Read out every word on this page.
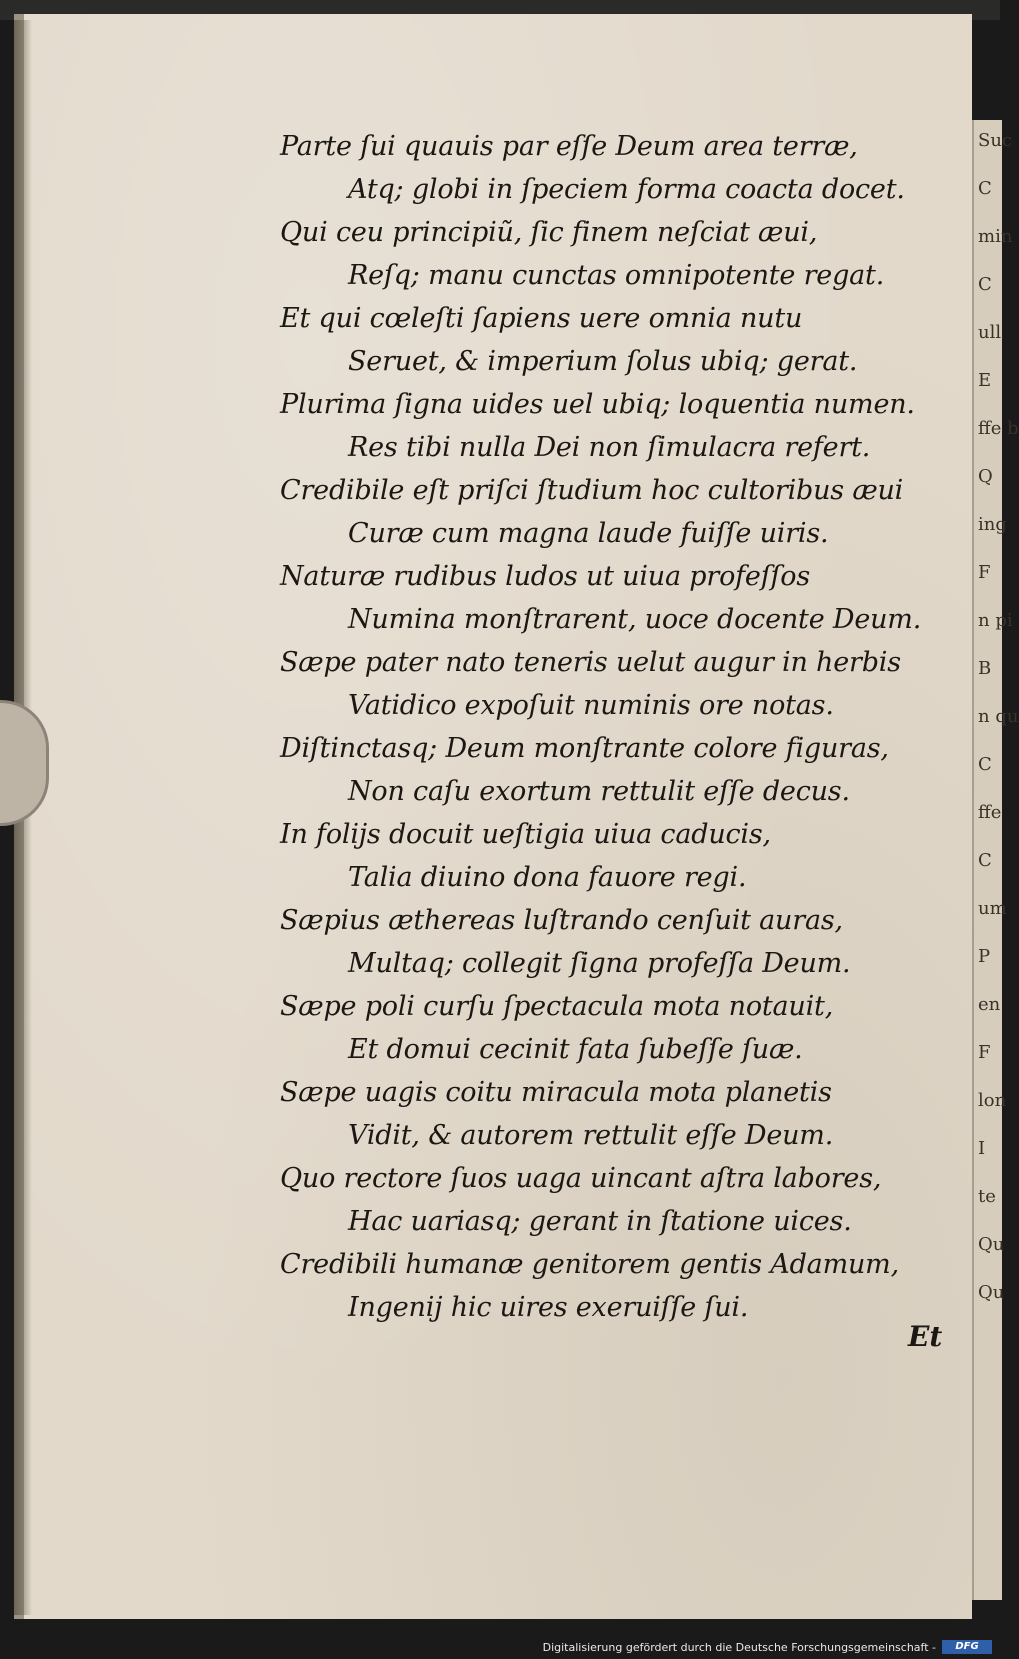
Suc
C
min
C
ull
E
ffe b
Q
ing
F
n pi
B
n qu
C
ffe
C
um
P
en
F
lon
I
te
Qu
Qu
Parte ſui quauis par eſſe Deum area terræ,
Atq; globi in ſpeciem forma coacta docet.
Qui ceu principiũ, ſic finem neſciat æui,
Reſq; manu cunctas omnipotente regat.
Et qui cœleſti ſapiens uere omnia nutu
Seruet, & imperium ſolus ubiq; gerat.
Plurima ſigna uides uel ubiq; loquentia numen.
Res tibi nulla Dei non ſimulacra refert.
Credibile eſt priſci ſtudium hoc cultoribus æui
Curæ cum magna laude fuiſſe uiris.
Naturæ rudibus ludos ut uiua profeſſos
Numina monſtrarent, uoce docente Deum.
Sæpe pater nato teneris uelut augur in herbis
Vatidico expoſuit numinis ore notas.
Diſtinctasq; Deum monſtrante colore figuras,
Non caſu exortum rettulit eſſe decus.
In folijs docuit ueſtigia uiua caducis,
Talia diuino dona fauore regi.
Sæpius æthereas luſtrando cenſuit auras,
Multaq; collegit ſigna profeſſa Deum.
Sæpe poli curſu ſpectacula mota notauit,
Et domui cecinit fata ſubeſſe ſuæ.
Sæpe uagis coitu miracula mota planetis
Vidit, & autorem rettulit eſſe Deum.
Quo rectore ſuos uaga uincant aſtra labores,
Hac uariasq; gerant in ſtatione uices.
Credibili humanæ genitorem gentis Adamum,
Ingenij hic uires exeruiſſe ſui.
Et
Digitalisierung gefördert durch die Deutsche Forschungsgemeinschaft -	DFG
